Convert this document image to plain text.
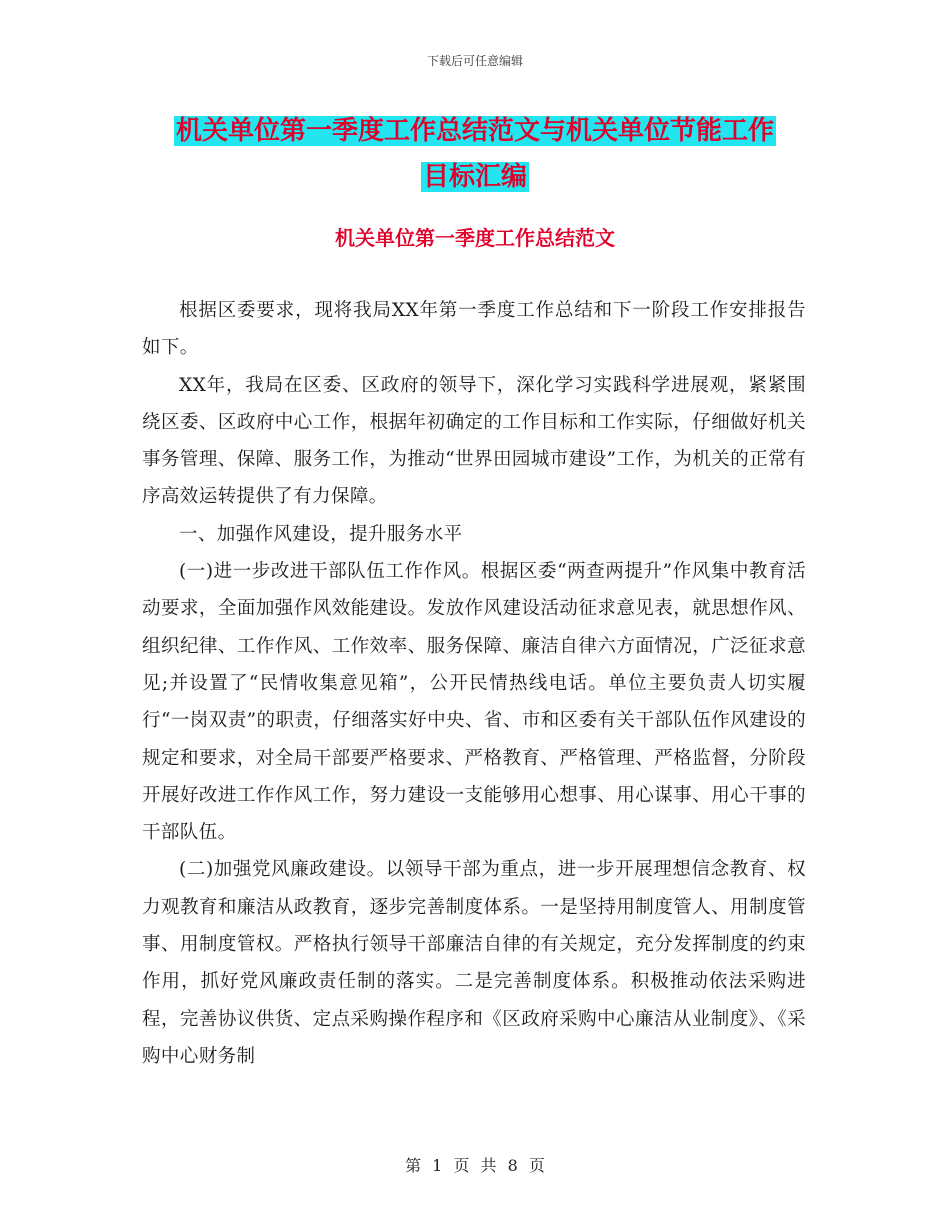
下载后可任意编辑
机关单位第一季度工作总结范文与机关单位节能工作
目标汇编
机关单位第一季度工作总结范文

根据区委要求，现将我局XX年第一季度工作总结和下一阶段工作安排报告如下。

XX年，我局在区委、区政府的领导下，深化学习实践科学进展观，紧紧围绕区委、区政府中心工作，根据年初确定的工作目标和工作实际，仔细做好机关事务管理、保障、服务工作，为推动“世界田园城市建设”工作，为机关的正常有序高效运转提供了有力保障。

一、加强作风建设，提升服务水平

(一)进一步改进干部队伍工作作风。根据区委“两查两提升”作风集中教育活动要求，全面加强作风效能建设。发放作风建设活动征求意见表，就思想作风、组织纪律、工作作风、工作效率、服务保障、廉洁自律六方面情况，广泛征求意见;并设置了“民情收集意见箱”，公开民情热线电话。单位主要负责人切实履行“一岗双责”的职责，仔细落实好中央、省、市和区委有关干部队伍作风建设的规定和要求，对全局干部要严格要求、严格教育、严格管理、严格监督，分阶段开展好改进工作作风工作，努力建设一支能够用心想事、用心谋事、用心干事的干部队伍。

(二)加强党风廉政建设。以领导干部为重点，进一步开展理想信念教育、权力观教育和廉洁从政教育，逐步完善制度体系。一是坚持用制度管人、用制度管事、用制度管权。严格执行领导干部廉洁自律的有关规定，充分发挥制度的约束作用，抓好党风廉政责任制的落实。二是完善制度体系。积极推动依法采购进程，完善协议供货、定点采购操作程序和《区政府采购中心廉洁从业制度》、《采购中心财务制

第 1 页 共 8 页
